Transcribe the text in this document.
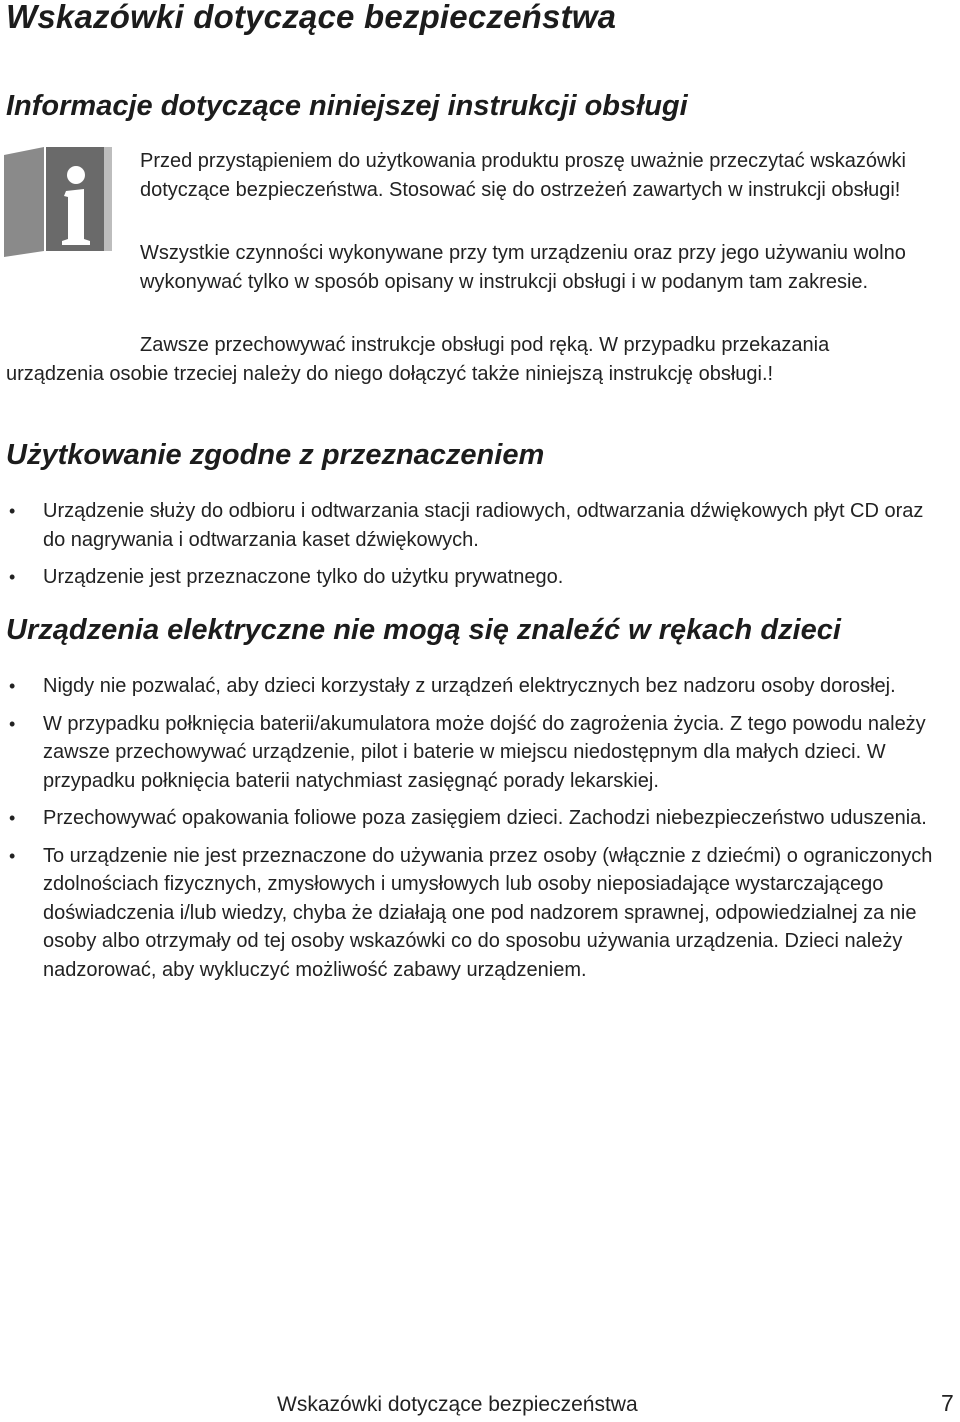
Wskazówki dotyczące bezpieczeństwa
Informacje dotyczące niniejszej instrukcji obsługi

Przed przystąpieniem do użytkowania produktu proszę uważnie przeczytać wskazówki dotyczące bezpieczeństwa. Stosować się do ostrzeżeń zawartych w instrukcji obsługi!

Wszystkie czynności wykonywane przy tym urządzeniu oraz przy jego używaniu wolno wykonywać tylko w sposób opisany w instrukcji obsługi i w podanym tam zakresie.

Zawsze przechowywać instrukcje obsługi pod ręką. W przypadku przekazania urządzenia osobie trzeciej należy do niego dołączyć także niniejszą instrukcję obsługi.!

Użytkowanie zgodne z przeznaczeniem
• Urządzenie służy do odbioru i odtwarzania stacji radiowych, odtwarzania dźwiękowych płyt CD oraz do nagrywania i odtwarzania kaset dźwiękowych.
• Urządzenie jest przeznaczone tylko do użytku prywatnego.
Urządzenia elektryczne nie mogą się znaleźć w rękach dzieci
• Nigdy nie pozwalać, aby dzieci korzystały z urządzeń elektrycznych bez nadzoru osoby dorosłej.
• W przypadku połknięcia baterii/akumulatora może dojść do zagrożenia życia. Z tego powodu należy zawsze przechowywać urządzenie, pilot i baterie w miejscu niedostępnym dla małych dzieci. W przypadku połknięcia baterii natychmiast zasięgnąć porady lekarskiej.
• Przechowywać opakowania foliowe poza zasięgiem dzieci. Zachodzi niebezpieczeństwo uduszenia.
• To urządzenie nie jest przeznaczone do używania przez osoby (włącznie z dziećmi) o ograniczonych zdolnościach fizycznych, zmysłowych i umysłowych lub osoby nieposiadające wystarczającego doświadczenia i/lub wiedzy, chyba że działają one pod nadzorem sprawnej, odpowiedzialnej za nie osoby albo otrzymały od tej osoby wskazówki co do sposobu używania urządzenia. Dzieci należy nadzorować, aby wykluczyć możliwość zabawy urządzeniem.
Wskazówki dotyczące bezpieczeństwa	7
